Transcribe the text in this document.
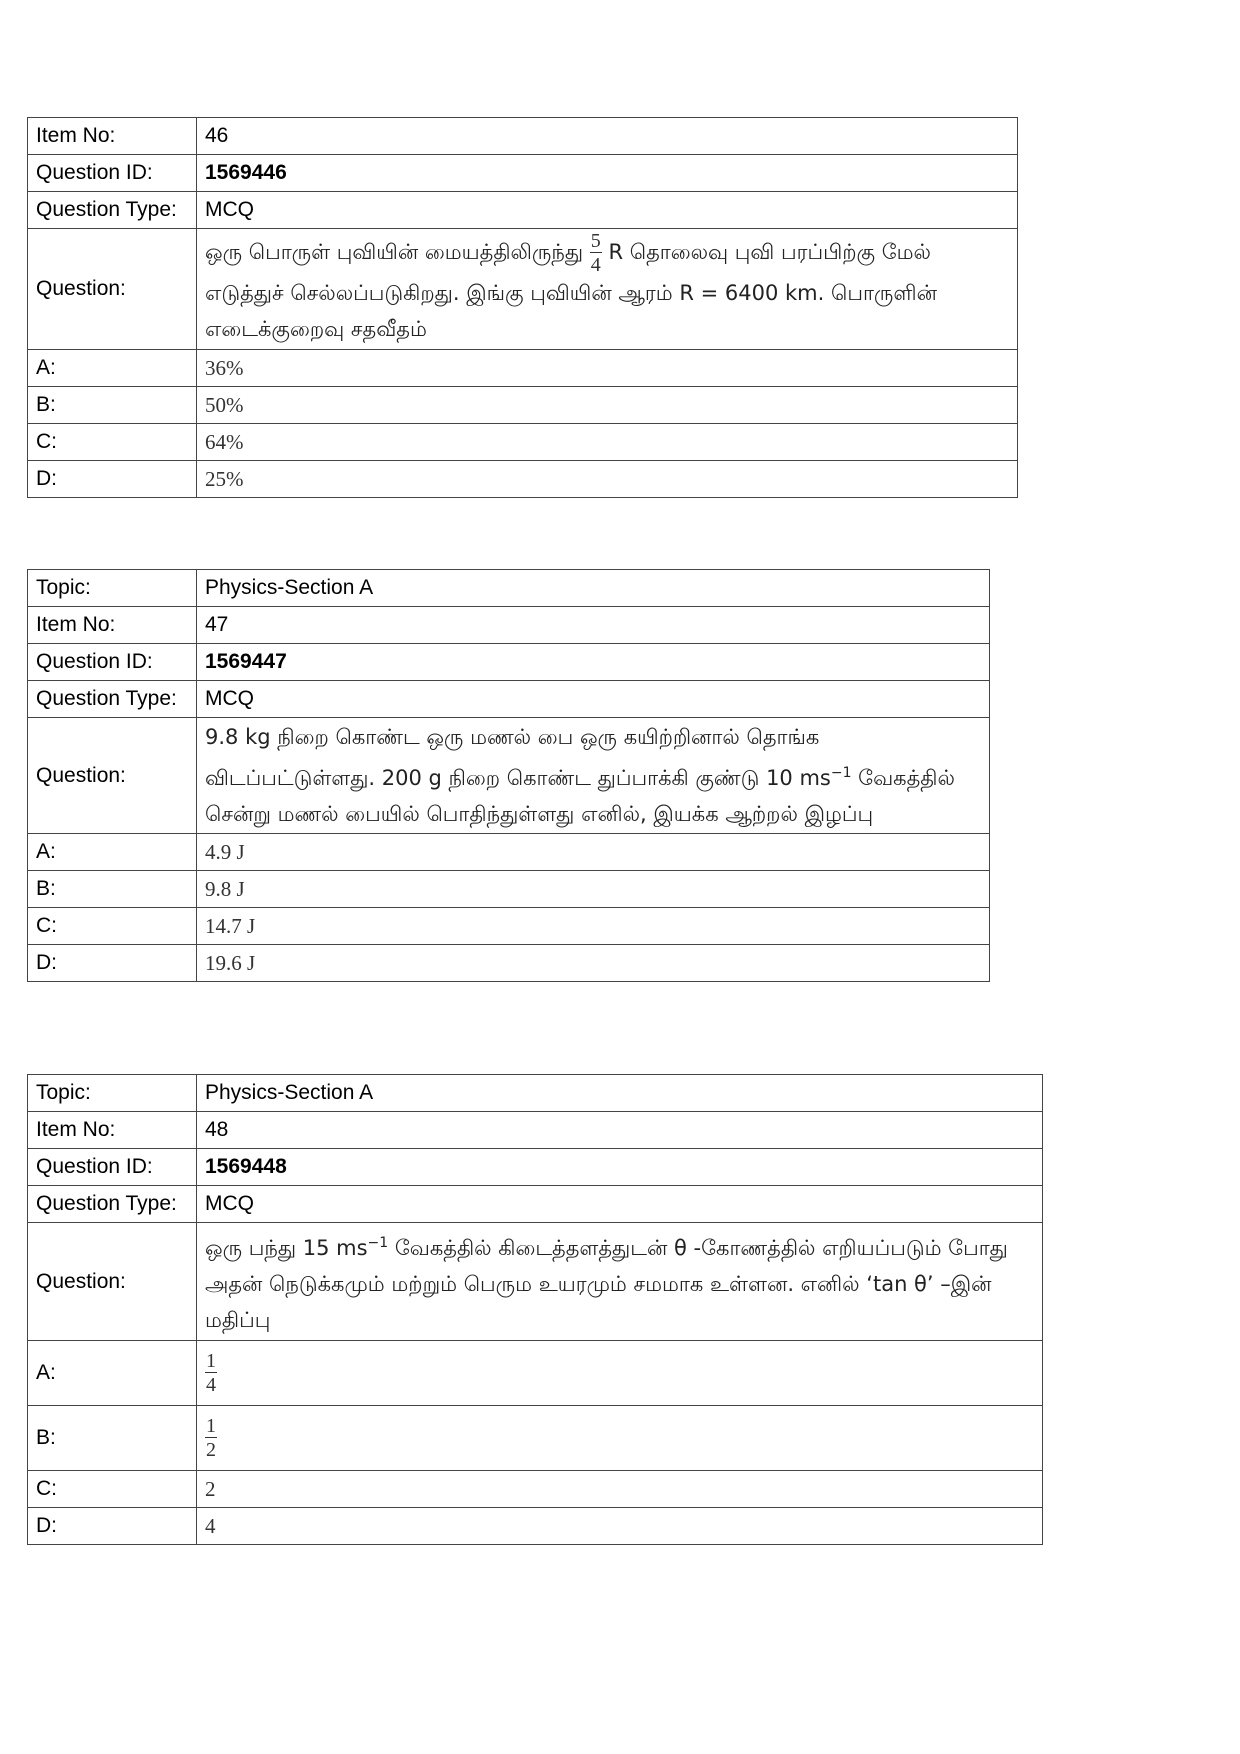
Item No:	46
Question ID:	1569446
Question Type:	MCQ
Question:	ஒரு பொருள் புவியின் மையத்திலிருந்து $\frac{5}{4}$ R தொலைவு புவி பரப்பிற்கு மேல் எடுத்துச் செல்லப்படுகிறது. இங்கு புவியின் ஆரம் R = 6400 km. பொருளின் எடைக்குறைவு சதவீதம்
A:	36%
B:	50%
C:	64%
D:	25%
Topic:	Physics-Section A
Item No:	47
Question ID:	1569447
Question Type:	MCQ
Question:	9.8 kg நிறை கொண்ட ஒரு மணல் பை ஒரு கயிற்றினால் தொங்க விடப்பட்டுள்ளது. 200 g நிறை கொண்ட துப்பாக்கி குண்டு 10 $ms^{-1}$ வேகத்தில் சென்று மணல் பையில் பொதிந்துள்ளது எனில், இயக்க ஆற்றல் இழப்பு
A:	4.9 J
B:	9.8 J
C:	14.7 J
D:	19.6 J
Topic:	Physics-Section A
Item No:	48
Question ID:	1569448
Question Type:	MCQ
Question:	ஒரு பந்து 15 $ms^{-1}$ வேகத்தில் கிடைத்தளத்துடன் θ -கோணத்தில் எறியப்படும் போது அதன் நெடுக்கமும் மற்றும் பெரும உயரமும் சமமாக உள்ளன. எனில் ‘tan θ’ –இன் மதிப்பு
A:	$\frac{1}{4}$

B:	$\frac{1}{2}$

C:	2
D:	4
